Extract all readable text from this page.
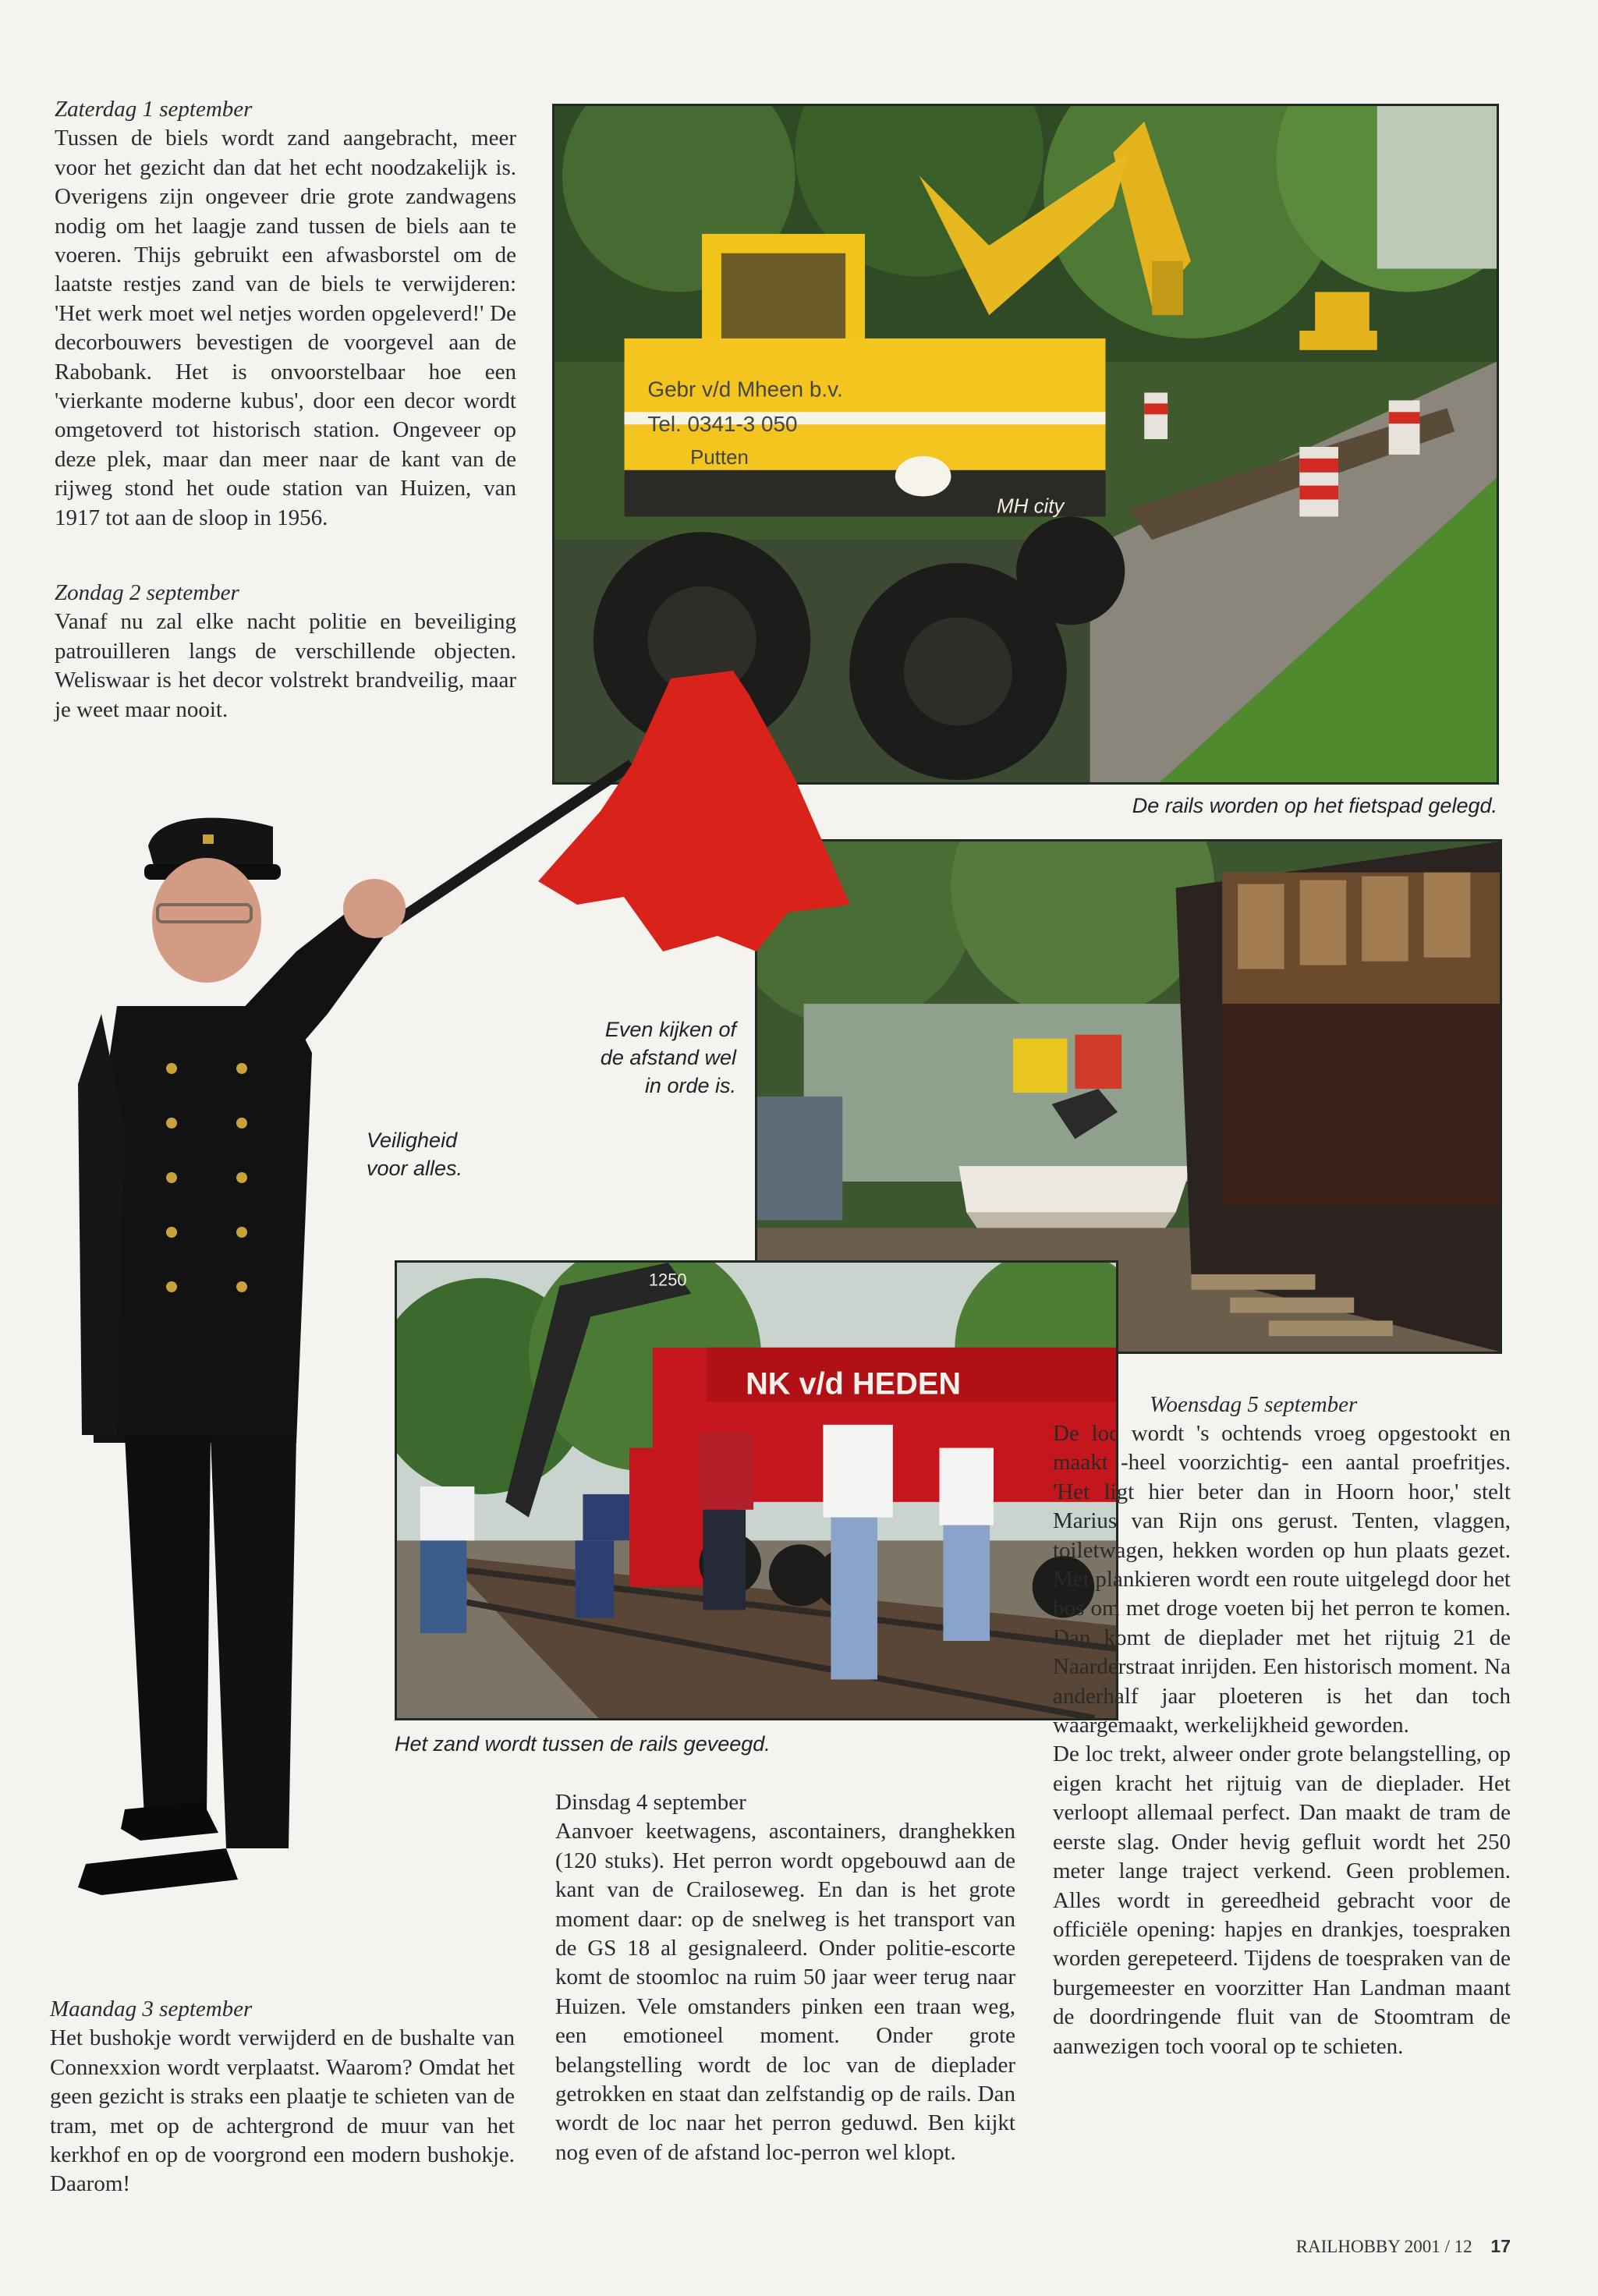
Zaterdag 1 september
Tussen de biels wordt zand aangebracht, meer voor het gezicht dan dat het echt noodzakelijk is. Overigens zijn ongeveer drie grote zandwagens nodig om het laagje zand tussen de biels aan te voeren. Thijs gebruikt een afwasborstel om de laatste restjes zand van de biels te verwijderen: 'Het werk moet wel netjes worden opgeleverd!' De decorbouwers bevestigen de voorgevel aan de Rabobank. Het is onvoorstelbaar hoe een 'vierkante moderne kubus', door een decor wordt omgetoverd tot historisch station. Ongeveer op deze plek, maar dan meer naar de kant van de rijweg stond het oude station van Huizen, van 1917 tot aan de sloop in 1956.
Zondag 2 september
Vanaf nu zal elke nacht politie en beveiliging patrouilleren langs de verschillende objecten. Weliswaar is het decor volstrekt brandveilig, maar je weet maar nooit.
Gebr v/d Mheen b.v.
Tel. 0341-3 050
Putten
MH city
De rails worden op het fietspad gelegd.
Even kijken of de afstand wel in orde is.
Veiligheid voor alles.
NK v/d HEDEN
1250
Het zand wordt tussen de rails geveegd.
Woensdag 5 september
De loc wordt 's ochtends vroeg opgestookt en maakt -heel voorzichtig- een aantal proefritjes. 'Het ligt hier beter dan in Hoorn hoor,' stelt Marius van Rijn ons gerust. Tenten, vlaggen, toiletwagen, hekken worden op hun plaats gezet. Met plankieren wordt een route uitgelegd door het bos om met droge voeten bij het perron te komen. Dan komt de dieplader met het rijtuig 21 de Naarderstraat inrijden. Een historisch moment. Na anderhalf jaar ploeteren is het dan toch waargemaakt, werkelijkheid geworden.
De loc trekt, alweer onder grote belangstelling, op eigen kracht het rijtuig van de dieplader. Het verloopt allemaal perfect. Dan maakt de tram de eerste slag. Onder hevig gefluit wordt het 250 meter lange traject verkend. Geen problemen. Alles wordt in gereedheid gebracht voor de officiële opening: hapjes en drankjes, toespraken worden gerepeteerd. Tijdens de toespraken van de burgemeester en voorzitter Han Landman maant de doordringende fluit van de Stoomtram de aanwezigen toch vooral op te schieten.
Dinsdag 4 september
Aanvoer keetwagens, ascontainers, dranghekken (120 stuks). Het perron wordt opgebouwd aan de kant van de Crailoseweg. En dan is het grote moment daar: op de snelweg is het transport van de GS 18 al gesignaleerd. Onder politie-escorte komt de stoomloc na ruim 50 jaar weer terug naar Huizen. Vele omstanders pinken een traan weg, een emotioneel moment. Onder grote belangstelling wordt de loc van de dieplader getrokken en staat dan zelfstandig op de rails. Dan wordt de loc naar het perron geduwd. Ben kijkt nog even of de afstand loc-perron wel klopt.
Maandag 3 september
Het bushokje wordt verwijderd en de bushalte van Connexxion wordt verplaatst. Waarom? Omdat het geen gezicht is straks een plaatje te schieten van de tram, met op de achtergrond de muur van het kerkhof en op de voorgrond een modern bushokje. Daarom!
RAILHOBBY 2001 / 12 17
